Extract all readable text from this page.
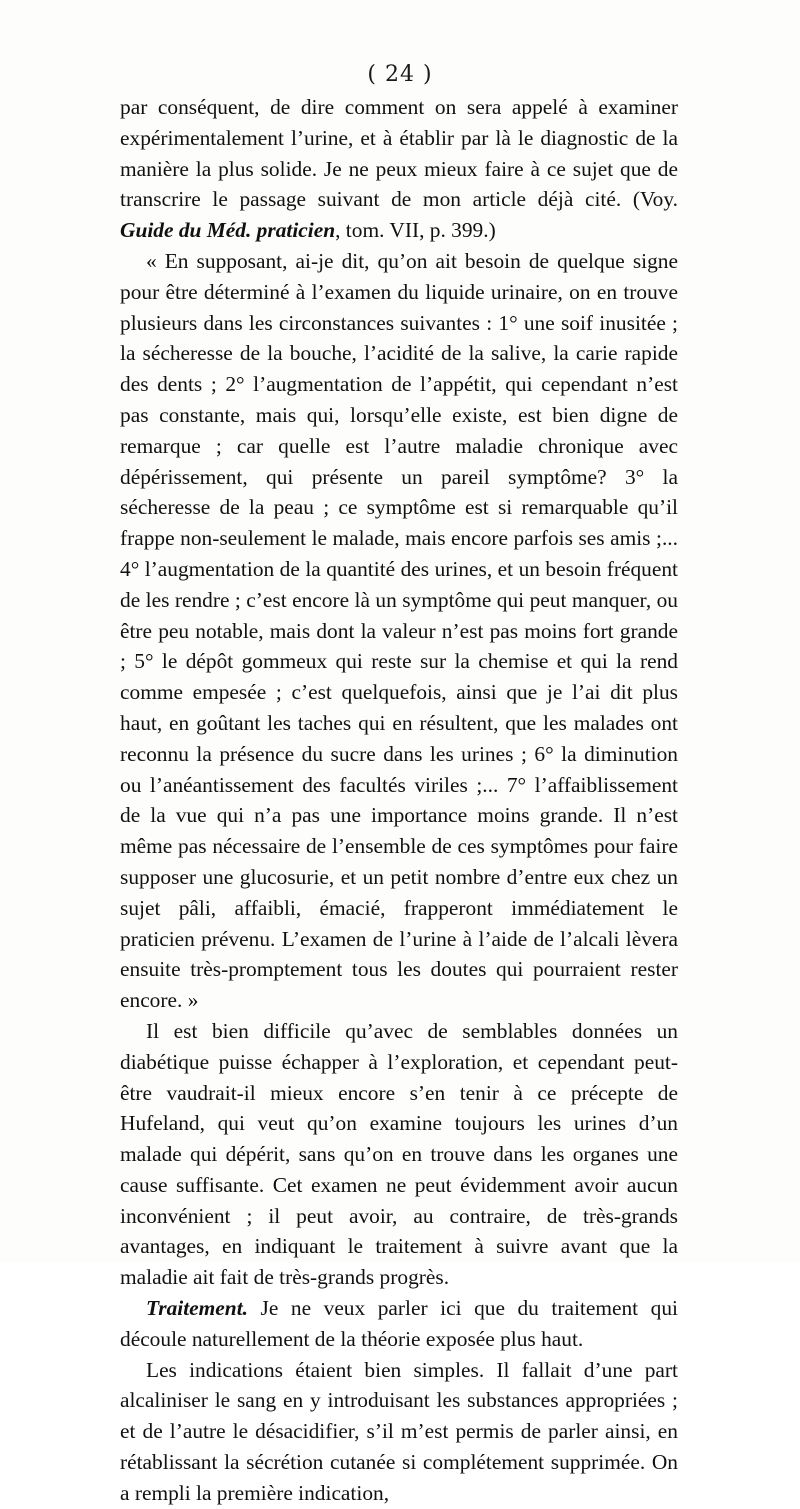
( 24 )

par conséquent, de dire comment on sera appelé à examiner expérimentalement l’urine, et à établir par là le diagnostic de la manière la plus solide. Je ne peux mieux faire à ce sujet que de transcrire le passage suivant de mon article déjà cité. (Voy. Guide du Méd. praticien, tom. VII, p. 399.)

« En supposant, ai-je dit, qu’on ait besoin de quelque signe pour être déterminé à l’examen du liquide urinaire, on en trouve plusieurs dans les circonstances suivantes : 1° une soif inusitée ; la sécheresse de la bouche, l’acidité de la salive, la carie rapide des dents ; 2° l’augmentation de l’appétit, qui cependant n’est pas constante, mais qui, lorsqu’elle existe, est bien digne de remarque ; car quelle est l’autre maladie chronique avec dépérissement, qui présente un pareil symptôme? 3° la sécheresse de la peau ; ce symptôme est si remarquable qu’il frappe non-seulement le malade, mais encore parfois ses amis ;... 4° l’augmentation de la quantité des urines, et un besoin fréquent de les rendre ; c’est encore là un symptôme qui peut manquer, ou être peu notable, mais dont la valeur n’est pas moins fort grande ; 5° le dépôt gommeux qui reste sur la chemise et qui la rend comme empesée ; c’est quelquefois, ainsi que je l’ai dit plus haut, en goûtant les taches qui en résultent, que les malades ont reconnu la présence du sucre dans les urines ; 6° la diminution ou l’anéantissement des facultés viriles ;... 7° l’affaiblissement de la vue qui n’a pas une importance moins grande. Il n’est même pas nécessaire de l’ensemble de ces symptômes pour faire supposer une glucosurie, et un petit nombre d’entre eux chez un sujet pâli, affaibli, émacié, frapperont immédiatement le praticien prévenu. L’examen de l’urine à l’aide de l’alcali lèvera ensuite très-promptement tous les doutes qui pourraient rester encore. »

Il est bien difficile qu’avec de semblables données un diabétique puisse échapper à l’exploration, et cependant peut-être vaudrait-il mieux encore s’en tenir à ce précepte de Hufeland, qui veut qu’on examine toujours les urines d’un malade qui dépérit, sans qu’on en trouve dans les organes une cause suffisante. Cet examen ne peut évidemment avoir aucun inconvénient ; il peut avoir, au contraire, de très-grands avantages, en indiquant le traitement à suivre avant que la maladie ait fait de très-grands progrès.

Traitement. Je ne veux parler ici que du traitement qui découle naturellement de la théorie exposée plus haut.

Les indications étaient bien simples. Il fallait d’une part alcaliniser le sang en y introduisant les substances appropriées ; et de l’autre le désacidifier, s’il m’est permis de parler ainsi, en rétablissant la sécrétion cutanée si complétement supprimée. On a rempli la première indication,
